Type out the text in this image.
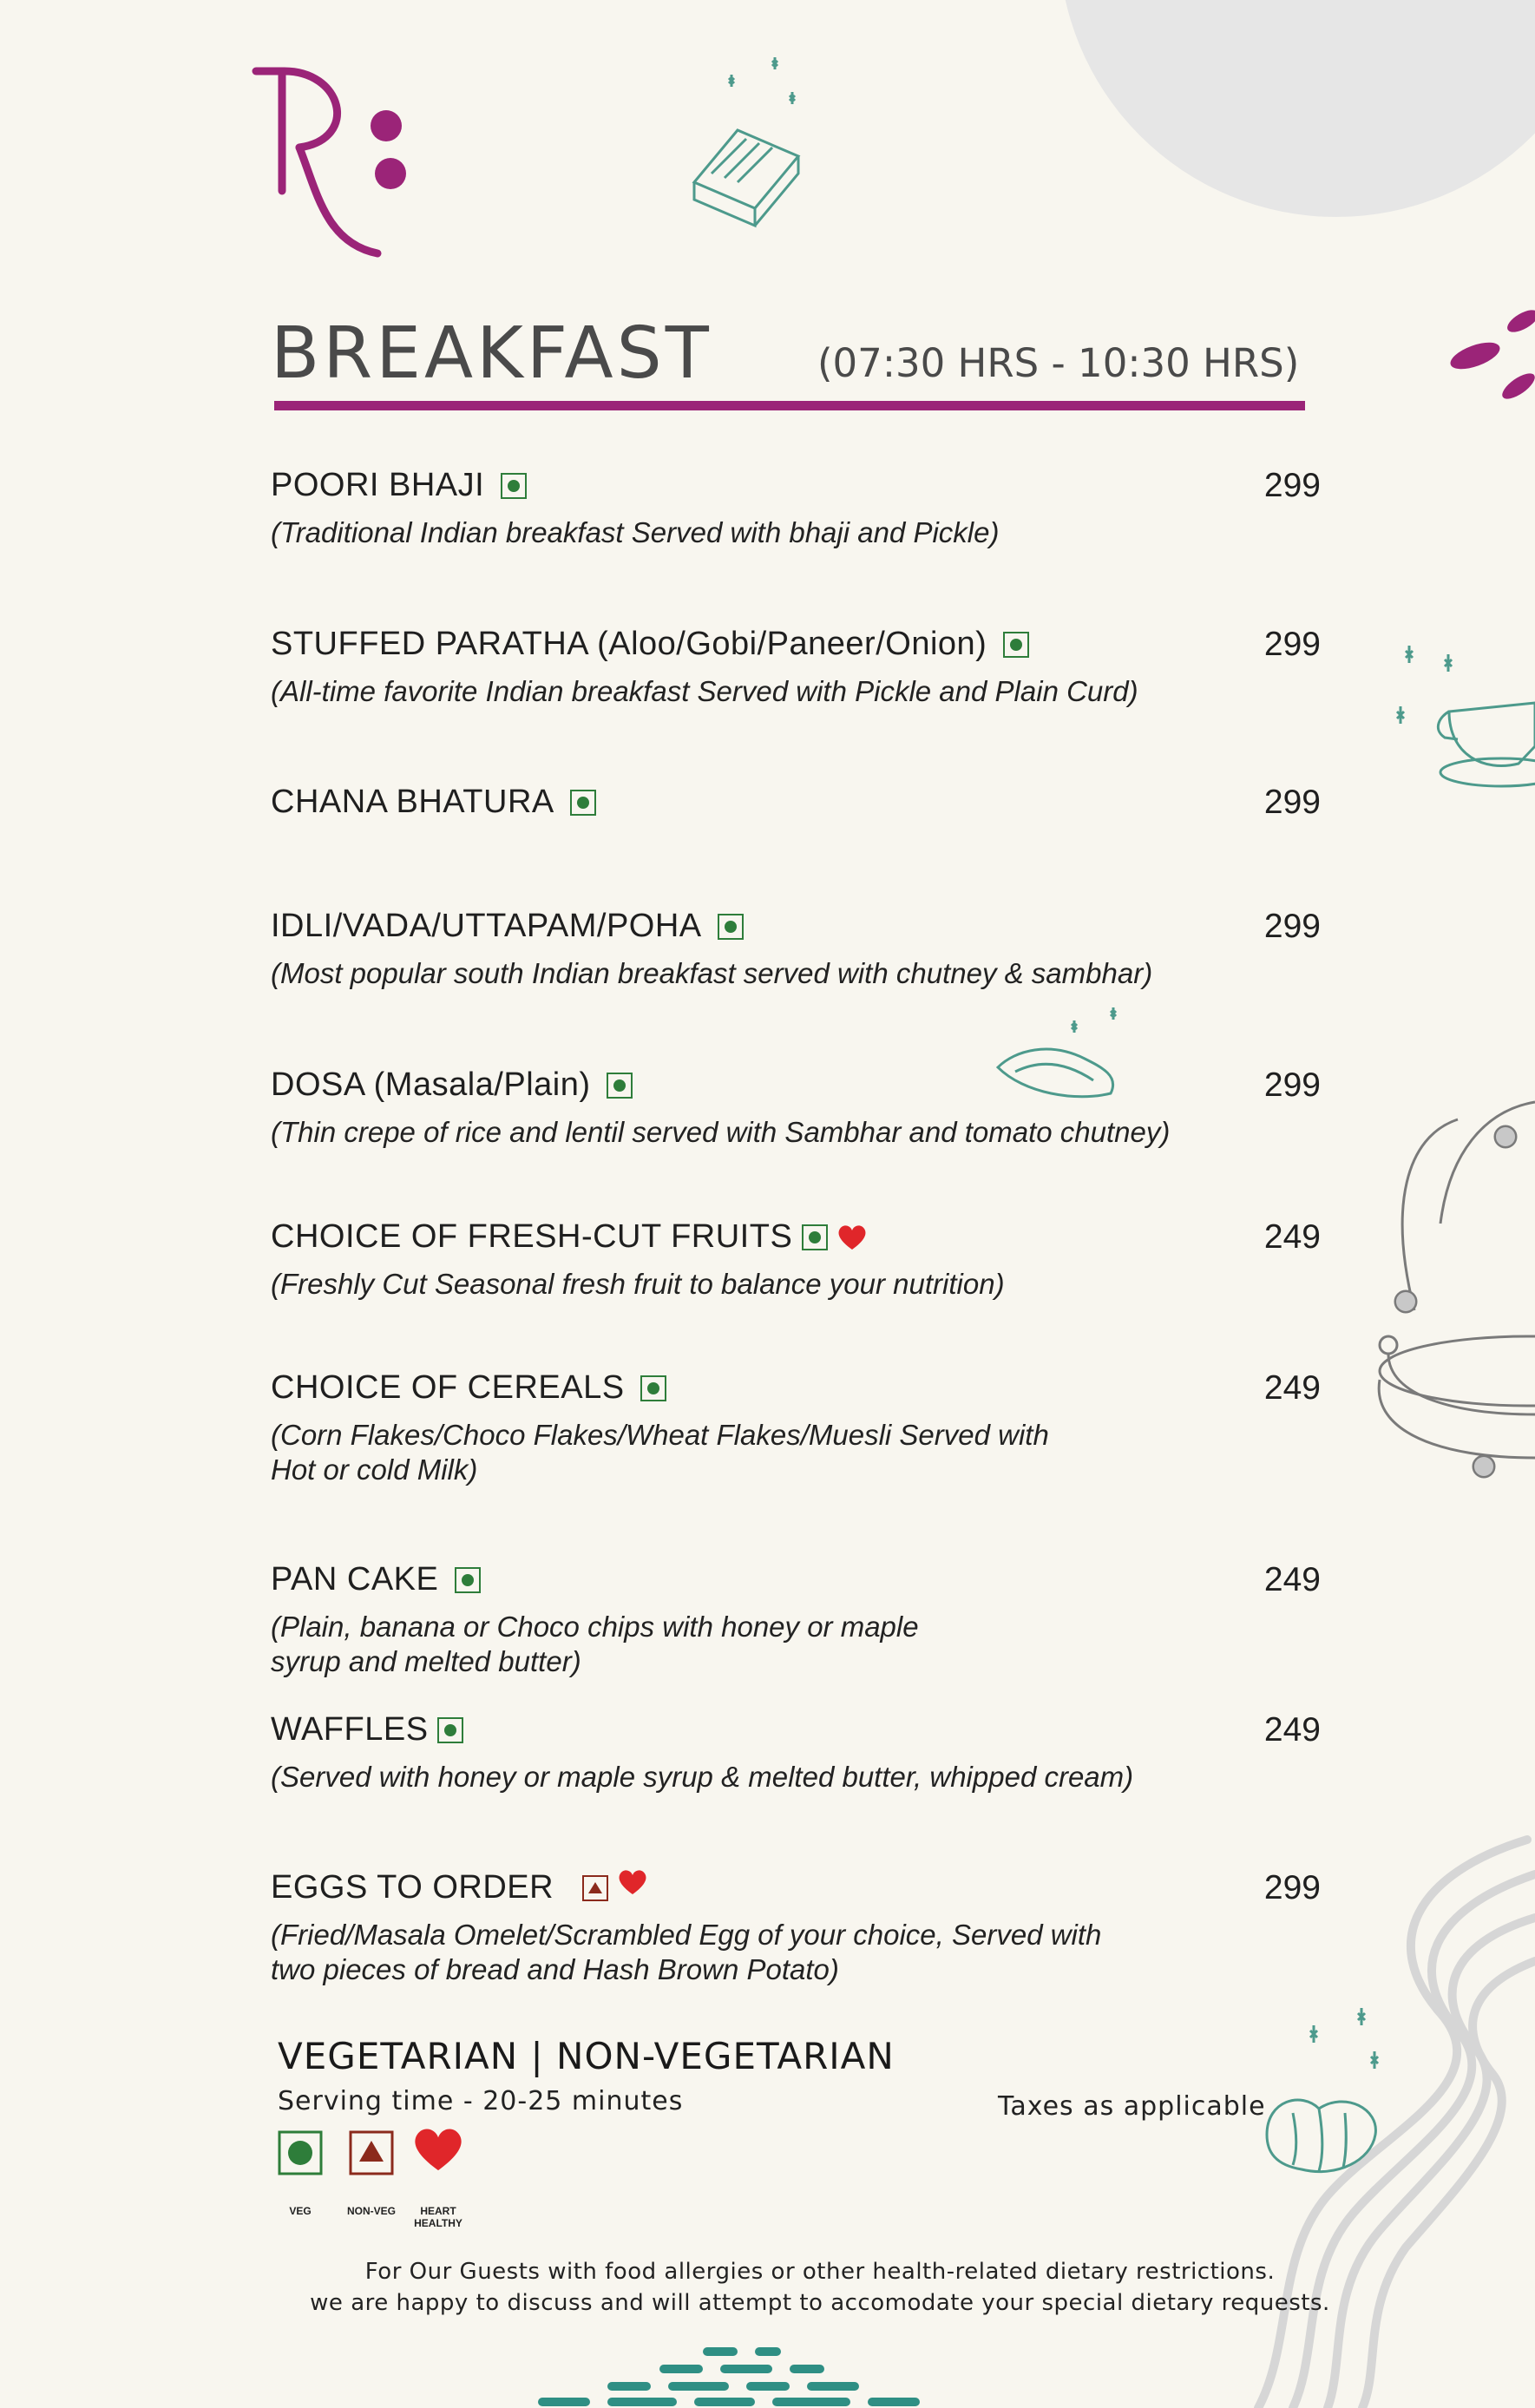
BREAKFAST	(07:30 HRS - 10:30 HRS)
POORI BHAJI	299
(Traditional Indian breakfast Served with bhaji and Pickle)
STUFFED PARATHA (Aloo/Gobi/Paneer/Onion)	299
(All-time favorite Indian breakfast Served with Pickle and Plain Curd)
CHANA BHATURA	299
IDLI/VADA/UTTAPAM/POHA	299
(Most popular south Indian breakfast served with chutney & sambhar)
DOSA (Masala/Plain)	299
(Thin crepe of rice and lentil served with Sambhar and tomato chutney)
CHOICE OF FRESH-CUT FRUITS	249
(Freshly Cut Seasonal fresh fruit to balance your nutrition)
CHOICE OF CEREALS	249
(Corn Flakes/Choco Flakes/Wheat Flakes/Muesli Served with
Hot or cold Milk)
PAN CAKE	249
(Plain, banana or Choco chips with honey or maple
syrup and melted butter)
WAFFLES	249
(Served with honey or maple syrup & melted butter, whipped cream)
EGGS TO ORDER	299
(Fried/Masala Omelet/Scrambled Egg of your choice, Served with
two pieces of bread and Hash Brown Potato)
VEGETARIAN | NON-VEGETARIAN
Serving time - 20-25 minutes	Taxes as applicable
VEG	NON-VEG	HEART
HEALTHY
For Our Guests with food allergies or other health-related dietary restrictions.
we are happy to discuss and will attempt to accomodate your special dietary requests.
